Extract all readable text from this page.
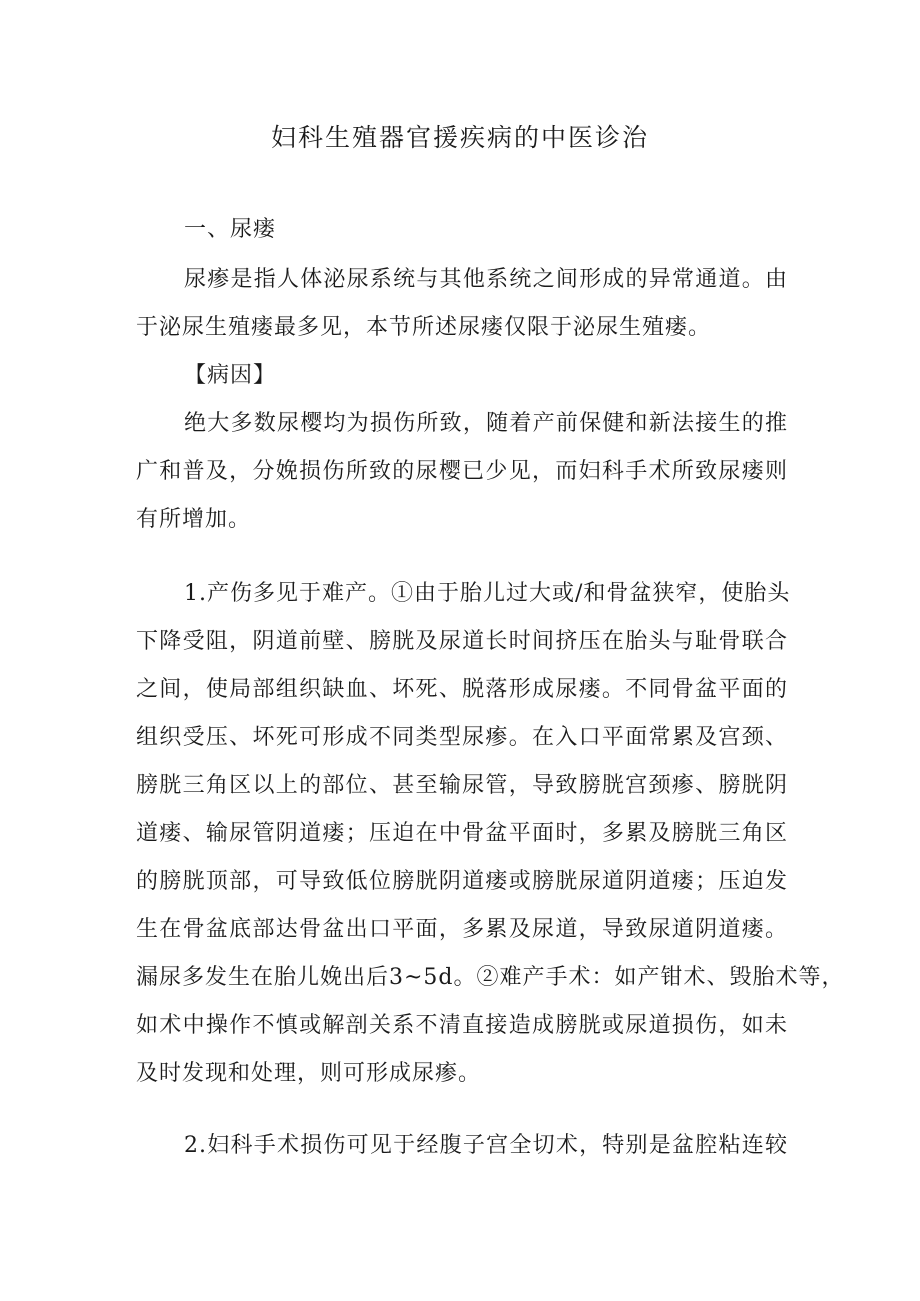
妇科生殖器官援疾病的中医诊治
一、尿瘘
尿瘆是指人体泌尿系统与其他系统之间形成的异常通道。由
于泌尿生殖瘘最多见，本节所述尿瘘仅限于泌尿生殖瘘。
【病因】
绝大多数尿樱均为损伤所致，随着产前保健和新法接生的推
广和普及，分娩损伤所致的尿樱已少见，而妇科手术所致尿瘘则
有所增加。
1.产伤多见于难产。①由于胎儿过大或/和骨盆狭窄，使胎头
下降受阻，阴道前壁、膀胱及尿道长时间挤压在胎头与耻骨联合
之间，使局部组织缺血、坏死、脱落形成尿瘘。不同骨盆平面的
组织受压、坏死可形成不同类型尿瘆。在入口平面常累及宫颈、
膀胱三角区以上的部位、甚至输尿管，导致膀胱宫颈瘆、膀胱阴
道瘘、输尿管阴道瘘；压迫在中骨盆平面时，多累及膀胱三角区
的膀胱顶部，可导致低位膀胱阴道瘘或膀胱尿道阴道瘘；压迫发
生在骨盆底部达骨盆出口平面，多累及尿道，导致尿道阴道瘘。
漏尿多发生在胎儿娩出后3~5d。②难产手术：如产钳术、毁胎术等，
如术中操作不慎或解剖关系不清直接造成膀胱或尿道损伤，如未
及时发现和处理，则可形成尿瘆。
2.妇科手术损伤可见于经腹子宫全切术，特别是盆腔粘连较
